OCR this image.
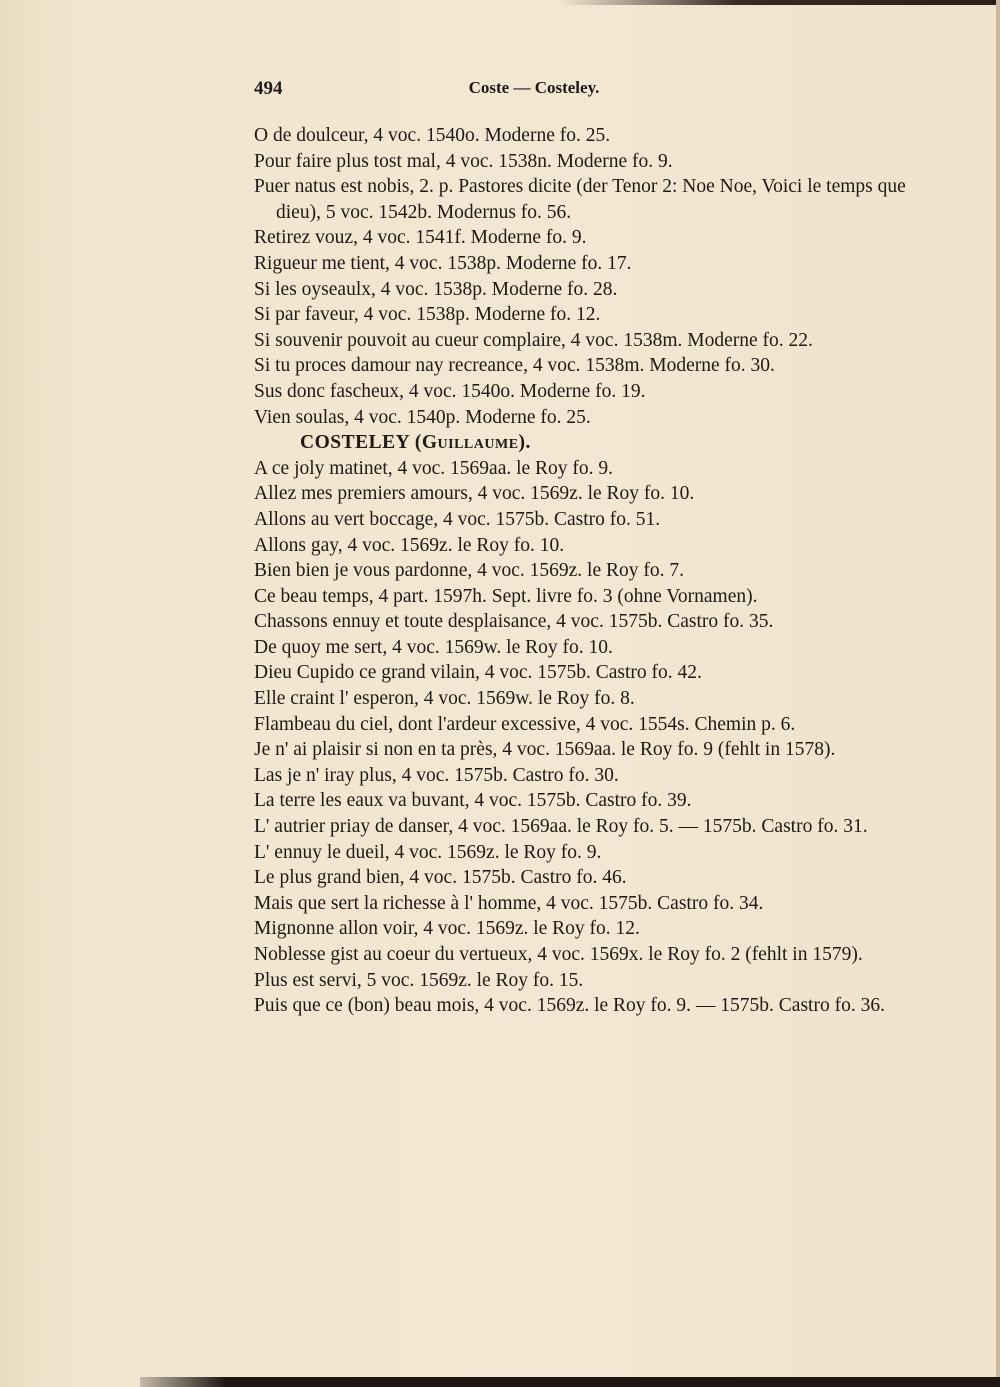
494	Coste — Costeley.
O de doulceur, 4 voc. 1540o. Moderne fo. 25.
Pour faire plus tost mal, 4 voc. 1538n. Moderne fo. 9.
Puer natus est nobis, 2. p. Pastores dicite (der Tenor 2: Noe Noe, Voici le temps que dieu), 5 voc. 1542b. Modernus fo. 56.
Retirez vouz, 4 voc. 1541f. Moderne fo. 9.
Rigueur me tient, 4 voc. 1538p. Moderne fo. 17.
Si les oyseaulx, 4 voc. 1538p. Moderne fo. 28.
Si par faveur, 4 voc. 1538p. Moderne fo. 12.
Si souvenir pouvoit au cueur complaire, 4 voc. 1538m. Moderne fo. 22.
Si tu proces damour nay recreance, 4 voc. 1538m. Moderne fo. 30.
Sus donc fascheux, 4 voc. 1540o. Moderne fo. 19.
Vien soulas, 4 voc. 1540p. Moderne fo. 25.
COSTELEY (Guillaume).
A ce joly matinet, 4 voc. 1569aa. le Roy fo. 9.
Allez mes premiers amours, 4 voc. 1569z. le Roy fo. 10.
Allons au vert boccage, 4 voc. 1575b. Castro fo. 51.
Allons gay, 4 voc. 1569z. le Roy fo. 10.
Bien bien je vous pardonne, 4 voc. 1569z. le Roy fo. 7.
Ce beau temps, 4 part. 1597h. Sept. livre fo. 3 (ohne Vornamen).
Chassons ennuy et toute desplaisance, 4 voc. 1575b. Castro fo. 35.
De quoy me sert, 4 voc. 1569w. le Roy fo. 10.
Dieu Cupido ce grand vilain, 4 voc. 1575b. Castro fo. 42.
Elle craint l' esperon, 4 voc. 1569w. le Roy fo. 8.
Flambeau du ciel, dont l'ardeur excessive, 4 voc. 1554s. Chemin p. 6.
Je n' ai plaisir si non en ta près, 4 voc. 1569aa. le Roy fo. 9 (fehlt in 1578).
Las je n' iray plus, 4 voc. 1575b. Castro fo. 30.
La terre les eaux va buvant, 4 voc. 1575b. Castro fo. 39.
L' autrier priay de danser, 4 voc. 1569aa. le Roy fo. 5. — 1575b. Castro fo. 31.
L' ennuy le dueil, 4 voc. 1569z. le Roy fo. 9.
Le plus grand bien, 4 voc. 1575b. Castro fo. 46.
Mais que sert la richesse à l' homme, 4 voc. 1575b. Castro fo. 34.
Mignonne allon voir, 4 voc. 1569z. le Roy fo. 12.
Noblesse gist au coeur du vertueux, 4 voc. 1569x. le Roy fo. 2 (fehlt in 1579).
Plus est servi, 5 voc. 1569z. le Roy fo. 15.
Puis que ce (bon) beau mois, 4 voc. 1569z. le Roy fo. 9. — 1575b. Castro fo. 36.
